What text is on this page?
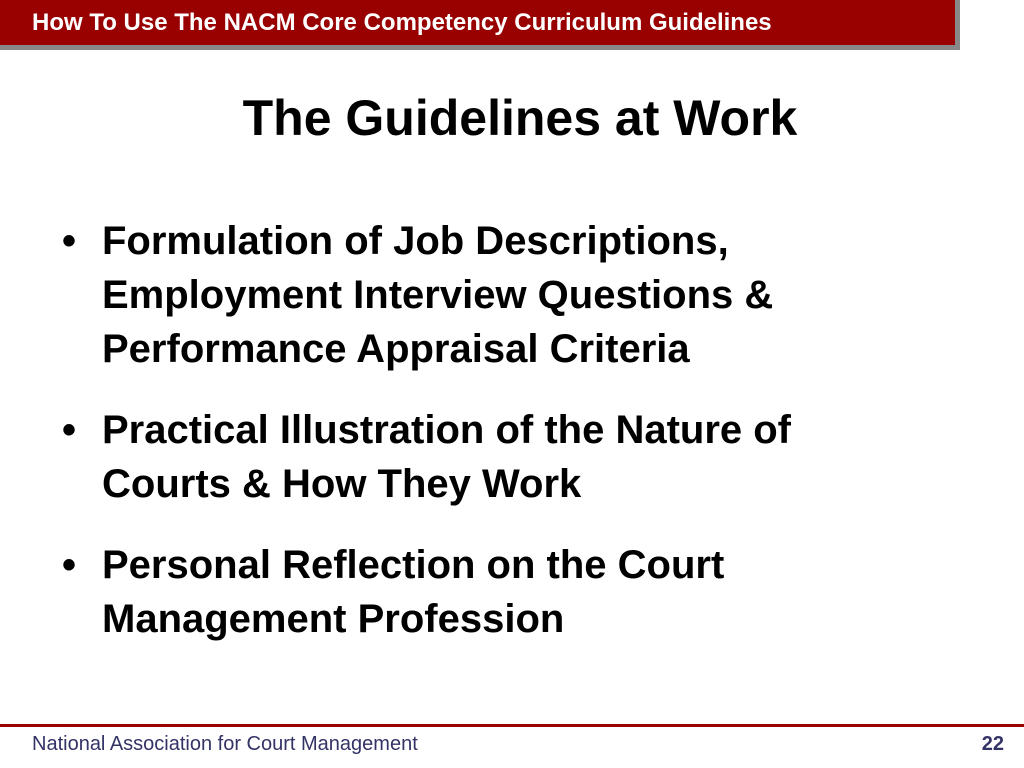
How To Use The NACM Core Competency Curriculum Guidelines
The Guidelines at Work
• Formulation of Job Descriptions,
Employment Interview Questions &
Performance Appraisal Criteria
• Practical Illustration of the Nature of
Courts & How They Work
• Personal Reflection on the Court
Management Profession
National Association for Court Management	22
